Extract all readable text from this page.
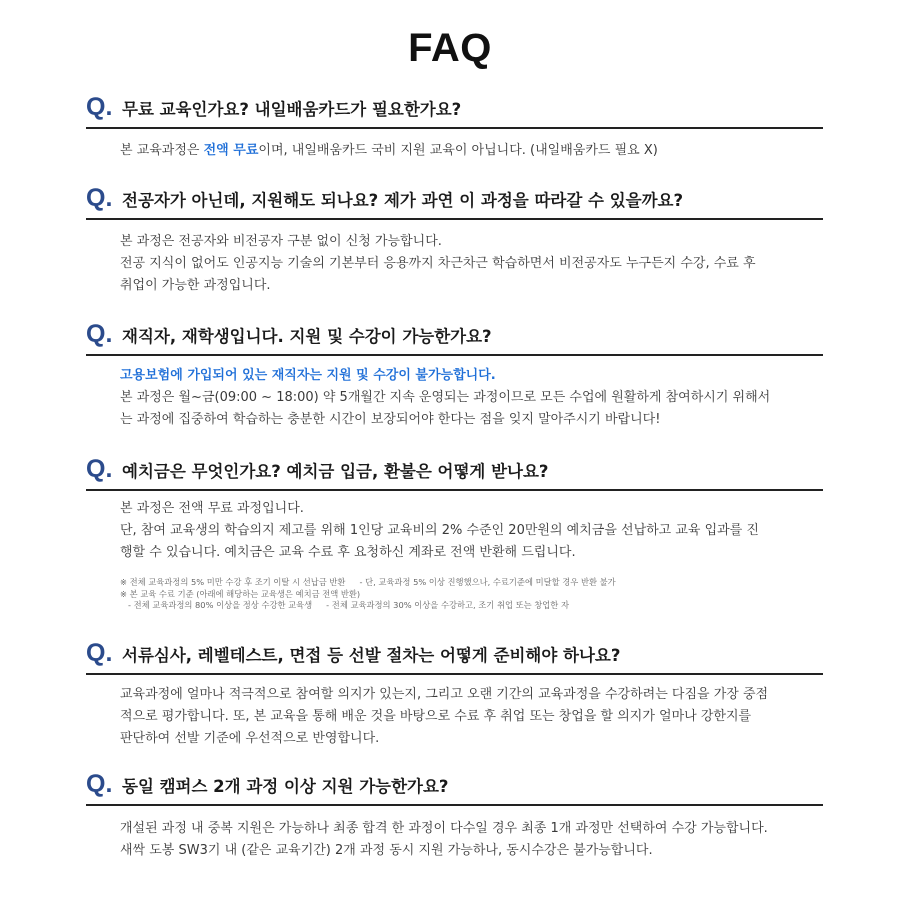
FAQ
Q. 무료 교육인가요? 내일배움카드가 필요한가요?

본 교육과정은 전액 무료이며, 내일배움카드 국비 지원 교육이 아닙니다. (내일배움카드 필요 X)

Q. 전공자가 아닌데, 지원해도 되나요? 제가 과연 이 과정을 따라갈 수 있을까요?

본 과정은 전공자와 비전공자 구분 없이 신청 가능합니다.

전공 지식이 없어도 인공지능 기술의 기본부터 응용까지 차근차근 학습하면서 비전공자도 누구든지 수강, 수료 후

취업이 가능한 과정입니다.

Q. 재직자, 재학생입니다. 지원 및 수강이 가능한가요?

고용보험에 가입되어 있는 재직자는 지원 및 수강이 불가능합니다.

본 과정은 월~금(09:00 ~ 18:00) 약 5개월간 지속 운영되는 과정이므로 모든 수업에 원활하게 참여하시기 위해서

는 과정에 집중하여 학습하는 충분한 시간이 보장되어야 한다는 점을 잊지 말아주시기 바랍니다!

Q. 예치금은 무엇인가요? 예치금 입금, 환불은 어떻게 받나요?

본 과정은 전액 무료 과정입니다.

단, 참여 교육생의 학습의지 제고를 위해 1인당 교육비의 2% 수준인 20만원의 예치금을 선납하고 교육 입과를 진

행할 수 있습니다. 예치금은 교육 수료 후 요청하신 계좌로 전액 반환해 드립니다.

※ 전체 교육과정의 5% 미만 수강 후 조기 이탈 시 선납금 반환 - 단, 교육과정 5% 이상 진행했으나, 수료기준에 미달할 경우 반환 불가

※ 본 교육 수료 기준 (아래에 해당하는 교육생은 예치금 전액 반환)

- 전체 교육과정의 80% 이상을 정상 수강한 교육생 - 전체 교육과정의 30% 이상을 수강하고, 조기 취업 또는 창업한 자

Q. 서류심사, 레벨테스트, 면접 등 선발 절차는 어떻게 준비해야 하나요?

교육과정에 얼마나 적극적으로 참여할 의지가 있는지, 그리고 오랜 기간의 교육과정을 수강하려는 다짐을 가장 중점

적으로 평가합니다. 또, 본 교육을 통해 배운 것을 바탕으로 수료 후 취업 또는 창업을 할 의지가 얼마나 강한지를

판단하여 선발 기준에 우선적으로 반영합니다.

Q. 동일 캠퍼스 2개 과정 이상 지원 가능한가요?

개설된 과정 내 중복 지원은 가능하나 최종 합격 한 과정이 다수일 경우 최종 1개 과정만 선택하여 수강 가능합니다.

새싹 도봉 SW3기 내 (같은 교육기간) 2개 과정 동시 지원 가능하나, 동시수강은 불가능합니다.
